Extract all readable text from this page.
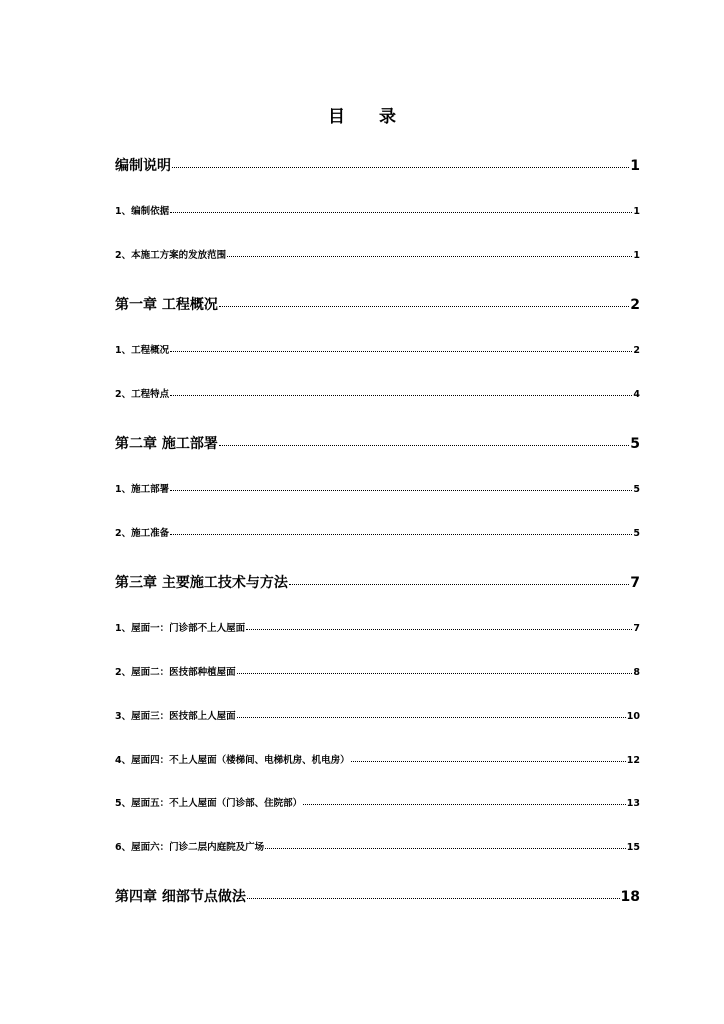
目 录
编制说明	1
1、编制依据	1
2、本施工方案的发放范围	1
第一章 工程概况	2
1、工程概况	2
2、工程特点	4
第二章 施工部署	5
1、施工部署	5
2、施工准备	5
第三章 主要施工技术与方法	7
1、屋面一：门诊部不上人屋面	7
2、屋面二：医技部种植屋面	8
3、屋面三：医技部上人屋面	10
4、屋面四：不上人屋面（楼梯间、电梯机房、机电房）	12
5、屋面五：不上人屋面（门诊部、住院部）	13
6、屋面六：门诊二层内庭院及广场	15
第四章 细部节点做法	18
